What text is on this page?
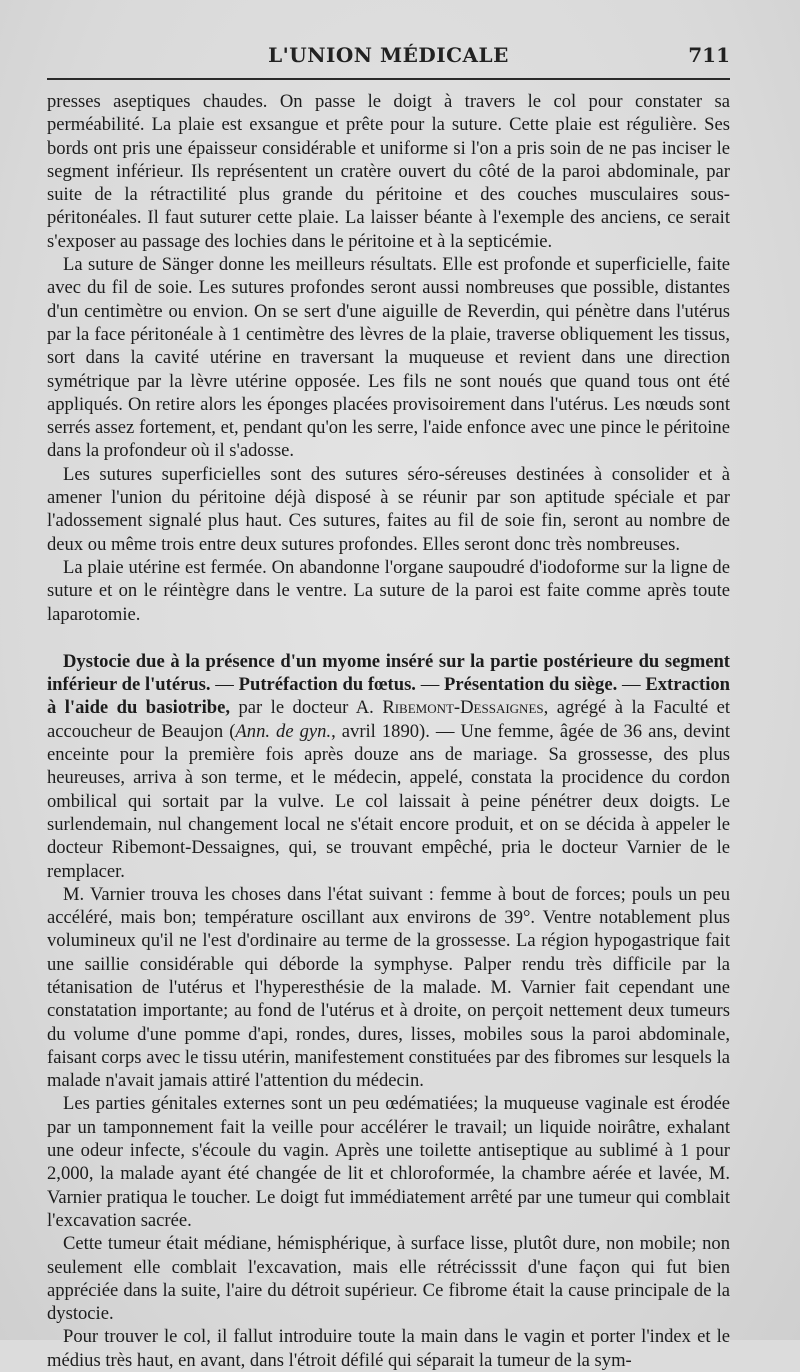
L'UNION MÉDICALE	711

presses aseptiques chaudes. On passe le doigt à travers le col pour constater sa perméabilité. La plaie est exsangue et prête pour la suture. Cette plaie est régulière. Ses bords ont pris une épaisseur considérable et uniforme si l'on a pris soin de ne pas inciser le segment inférieur. Ils représentent un cratère ouvert du côté de la paroi abdominale, par suite de la rétractilité plus grande du péritoine et des couches musculaires sous-péritonéales. Il faut suturer cette plaie. La laisser béante à l'exemple des anciens, ce serait s'exposer au passage des lochies dans le péritoine et à la septicémie.

La suture de Sänger donne les meilleurs résultats. Elle est profonde et superficielle, faite avec du fil de soie. Les sutures profondes seront aussi nombreuses que possible, distantes d'un centimètre ou envion. On se sert d'une aiguille de Reverdin, qui pénètre dans l'utérus par la face péritonéale à 1 centimètre des lèvres de la plaie, traverse obliquement les tissus, sort dans la cavité utérine en traversant la muqueuse et revient dans une direction symétrique par la lèvre utérine opposée. Les fils ne sont noués que quand tous ont été appliqués. On retire alors les éponges placées provisoirement dans l'utérus. Les nœuds sont serrés assez fortement, et, pendant qu'on les serre, l'aide enfonce avec une pince le péritoine dans la profondeur où il s'adosse.

Les sutures superficielles sont des sutures séro-séreuses destinées à consolider et à amener l'union du péritoine déjà disposé à se réunir par son aptitude spéciale et par l'adossement signalé plus haut. Ces sutures, faites au fil de soie fin, seront au nombre de deux ou même trois entre deux sutures profondes. Elles seront donc très nombreuses.

La plaie utérine est fermée. On abandonne l'organe saupoudré d'iodoforme sur la ligne de suture et on le réintègre dans le ventre. La suture de la paroi est faite comme après toute laparotomie.

Dystocie due à la présence d'un myome inséré sur la partie postérieure du segment inférieur de l'utérus. — Putréfaction du fœtus. — Présentation du siège. — Extraction à l'aide du basiotribe, par le docteur A. Ribemont-Dessaignes, agrégé à la Faculté et accoucheur de Beaujon (Ann. de gyn., avril 1890). — Une femme, âgée de 36 ans, devint enceinte pour la première fois après douze ans de mariage. Sa grossesse, des plus heureuses, arriva à son terme, et le médecin, appelé, constata la procidence du cordon ombilical qui sortait par la vulve. Le col laissait à peine pénétrer deux doigts. Le surlendemain, nul changement local ne s'était encore produit, et on se décida à appeler le docteur Ribemont-Dessaignes, qui, se trouvant empêché, pria le docteur Varnier de le remplacer.

M. Varnier trouva les choses dans l'état suivant : femme à bout de forces; pouls un peu accéléré, mais bon; température oscillant aux environs de 39°. Ventre notablement plus volumineux qu'il ne l'est d'ordinaire au terme de la grossesse. La région hypogastrique fait une saillie considérable qui déborde la symphyse. Palper rendu très difficile par la tétanisation de l'utérus et l'hyperesthésie de la malade. M. Varnier fait cependant une constatation importante; au fond de l'utérus et à droite, on perçoit nettement deux tumeurs du volume d'une pomme d'api, rondes, dures, lisses, mobiles sous la paroi abdominale, faisant corps avec le tissu utérin, manifestement constituées par des fibromes sur lesquels la malade n'avait jamais attiré l'attention du médecin.

Les parties génitales externes sont un peu œdématiées; la muqueuse vaginale est érodée par un tamponnement fait la veille pour accélérer le travail; un liquide noirâtre, exhalant une odeur infecte, s'écoule du vagin. Après une toilette antiseptique au sublimé à 1 pour 2,000, la malade ayant été changée de lit et chloroformée, la chambre aérée et lavée, M. Varnier pratiqua le toucher. Le doigt fut immédiatement arrêté par une tumeur qui comblait l'excavation sacrée.

Cette tumeur était médiane, hémisphérique, à surface lisse, plutôt dure, non mobile; non seulement elle comblait l'excavation, mais elle rétrécisssit d'une façon qui fut bien appréciée dans la suite, l'aire du détroit supérieur. Ce fibrome était la cause principale de la dystocie.

Pour trouver le col, il fallut introduire toute la main dans le vagin et porter l'index et le médius très haut, en avant, dans l'étroit défilé qui séparait la tumeur de la sym-
